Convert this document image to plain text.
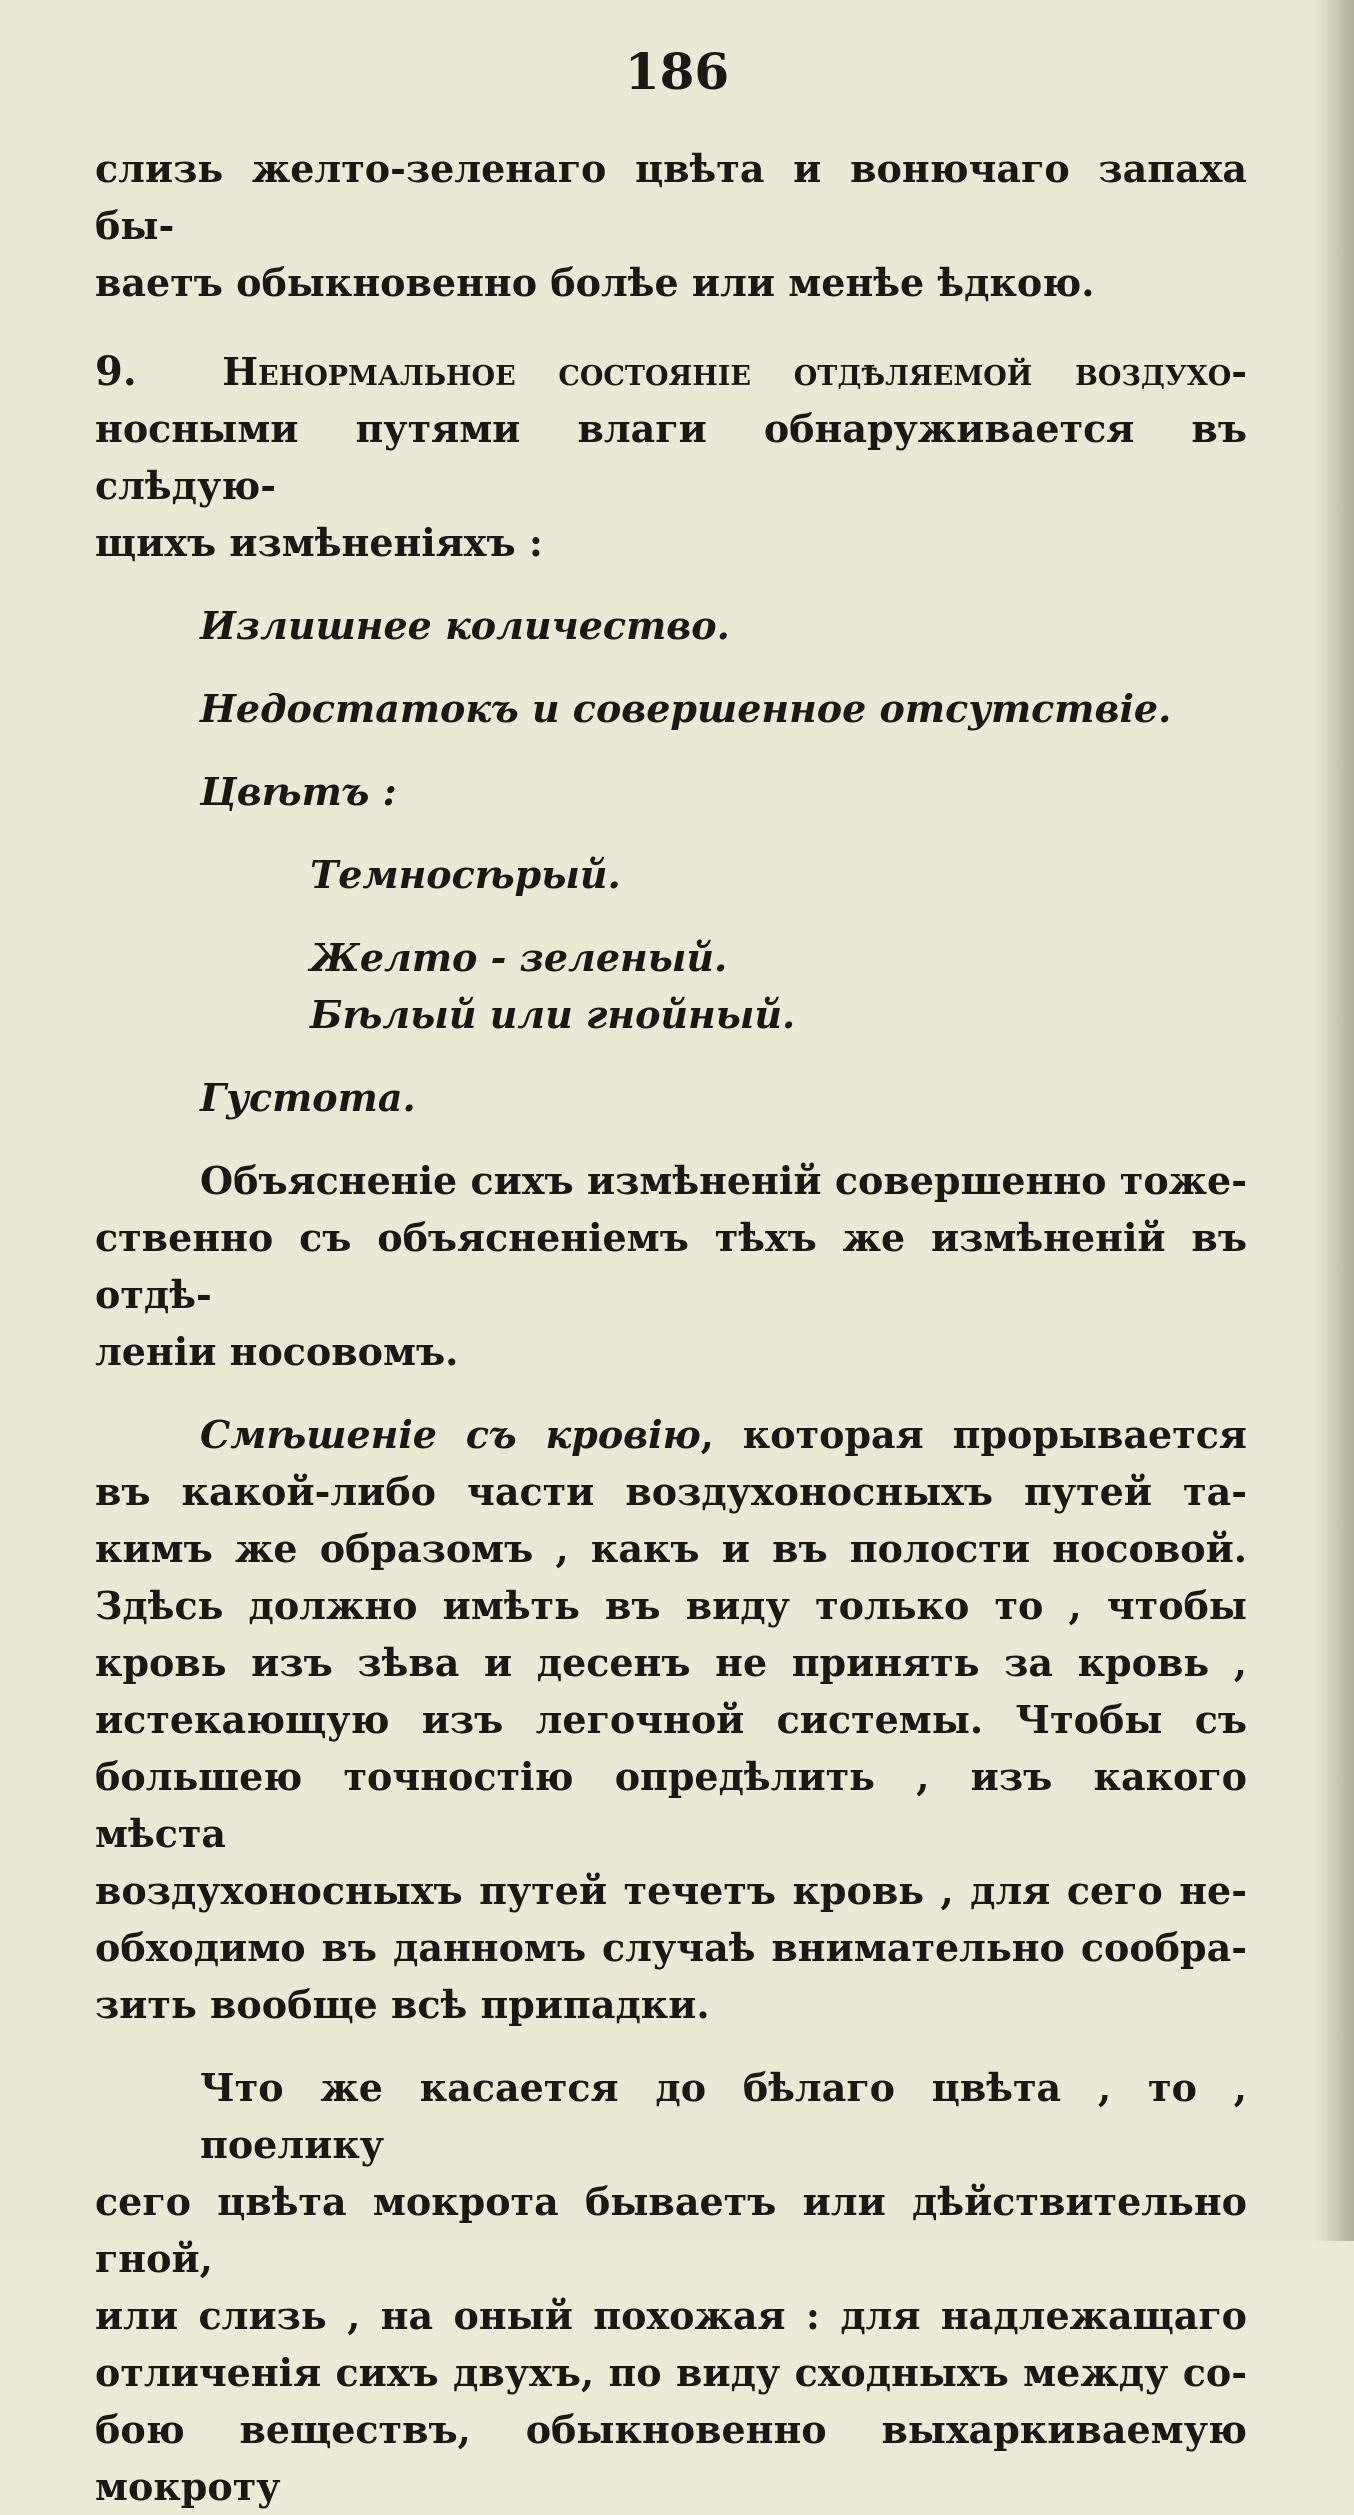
186

слизь желто-зеленаго цвѣта и вонючаго запаха бы-

ваетъ обыкновенно болѣе или менѣе ѣдкою.

9. Ненормальное состояніе отдѣляемой воздухо-

носными путями влаги обнаруживается въ слѣдую-

щихъ измѣненіяхъ :

Излишнее количество.

Недостатокъ и совершенное отсутствіе.

Цвѣтъ :

Темносѣрый.

Желто - зеленый.

Бѣлый или гнойный.

Густота.

Объясненіе сихъ измѣненій совершенно тоже-

ственно съ объясненіемъ тѣхъ же измѣненій въ отдѣ-

леніи носовомъ.

Смѣшеніе съ кровію, которая прорывается

въ какой-либо части воздухоносныхъ путей та-

кимъ же образомъ , какъ и въ полости носовой.

Здѣсь должно имѣть въ виду только то , чтобы

кровь изъ зѣва и десенъ не принять за кровь ,

истекающую изъ легочной системы. Чтобы съ

большею точностію опредѣлить , изъ какого мѣста

воздухоносныхъ путей течетъ кровь , для сего не-

обходимо въ данномъ случаѣ внимательно сообра-

зить вообще всѣ припадки.

Что же касается до бѣлаго цвѣта , то , поелику

сего цвѣта мокрота бываетъ или дѣйствительно гной,

или слизь , на оный похожая : для надлежащаго

отличенія сихъ двухъ, по виду сходныхъ между со-

бою веществъ, обыкновенно выхаркиваемую мокроту
